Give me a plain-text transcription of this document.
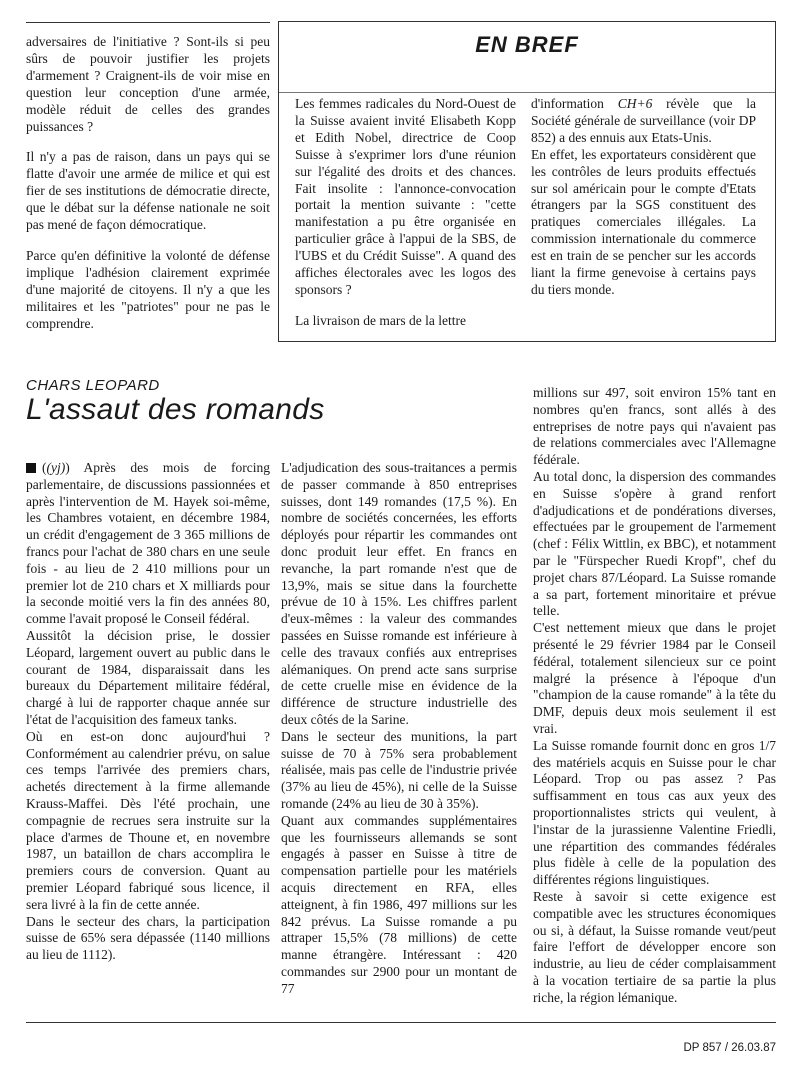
adversaires de l'initiative ? Sont-ils si peu sûrs de pouvoir justifier les projets d'armement ? Craignent-ils de voir mise en question leur conception d'une armée, modèle réduit de celles des grandes puissances ?

Il n'y a pas de raison, dans un pays qui se flatte d'avoir une armée de milice et qui est fier de ses institutions de démocratie directe, que le débat sur la défense nationale ne soit pas mené de façon démocratique.

Parce qu'en définitive la volonté de défense implique l'adhésion clairement exprimée d'une majorité de citoyens. Il n'y a que les militaires et les "patriotes" pour ne pas le comprendre.

EN BREF

Les femmes radicales du Nord-Ouest de la Suisse avaient invité Elisabeth Kopp et Edith Nobel, directrice de Coop Suisse à s'exprimer lors d'une réunion sur l'égalité des droits et des chances. Fait insolite : l'annonce-convocation portait la mention suivante : "cette manifestation a pu être organisée en particulier grâce à l'appui de la SBS, de l'UBS et du Crédit Suisse". A quand des affiches électorales avec les logos des sponsors ?

La livraison de mars de la lettre

d'information CH+6 révèle que la Société générale de surveillance (voir DP 852) a des ennuis aux Etats-Unis.

En effet, les exportateurs considèrent que les contrôles de leurs produits effectués sur sol américain pour le compte d'Etats étrangers par la SGS constituent des pratiques comerciales illégales. La commission internationale du commerce est en train de se pencher sur les accords liant la firme genevoise à certains pays du tiers monde.

CHARS LEOPARD
L'assaut des romands

((yj)) Après des mois de forcing parlementaire, de discussions passionnées et après l'intervention de M. Hayek soi-même, les Chambres votaient, en décembre 1984, un crédit d'engagement de 3 365 millions de francs pour l'achat de 380 chars en une seule fois - au lieu de 2 410 millions pour un premier lot de 210 chars et X milliards pour la seconde moitié vers la fin des années 80, comme l'avait proposé le Conseil fédéral.

Aussitôt la décision prise, le dossier Léopard, largement ouvert au public dans le courant de 1984, disparaissait dans les bureaux du Département militaire fédéral, chargé à lui de rapporter chaque année sur l'état de l'acquisition des fameux tanks.

Où en est-on donc aujourd'hui ? Conformément au calendrier prévu, on salue ces temps l'arrivée des premiers chars, achetés directement à la firme allemande Krauss-Maffei. Dès l'été prochain, une compagnie de recrues sera instruite sur la place d'armes de Thoune et, en novembre 1987, un bataillon de chars accomplira le premiers cours de conversion. Quant au premier Léopard fabriqué sous licence, il sera livré à la fin de cette année.

Dans le secteur des chars, la participation suisse de 65% sera dépassée (1140 millions au lieu de 1112).

L'adjudication des sous-traitances a permis de passer commande à 850 entreprises suisses, dont 149 romandes (17,5 %). En nombre de sociétés concernées, les efforts déployés pour répartir les commandes ont donc produit leur effet. En francs en revanche, la part romande n'est que de 13,9%, mais se situe dans la fourchette prévue de 10 à 15%. Les chiffres parlent d'eux-mêmes : la valeur des commandes passées en Suisse romande est inférieure à celle des travaux confiés aux entreprises alémaniques. On prend acte sans surprise de cette cruelle mise en évidence de la différence de structure industrielle des deux côtés de la Sarine.

Dans le secteur des munitions, la part suisse de 70 à 75% sera probablement réalisée, mais pas celle de l'industrie privée (37% au lieu de 45%), ni celle de la Suisse romande (24% au lieu de 30 à 35%).

Quant aux commandes supplémentaires que les fournisseurs allemands se sont engagés à passer en Suisse à titre de compensation partielle pour les matériels acquis directement en RFA, elles atteignent, à fin 1986, 497 millions sur les 842 prévus. La Suisse romande a pu attraper 15,5% (78 millions) de cette manne étrangère. Intéressant : 420 commandes sur 2900 pour un montant de 77

millions sur 497, soit environ 15% tant en nombres qu'en francs, sont allés à des entreprises de notre pays qui n'avaient pas de relations commerciales avec l'Allemagne fédérale.

Au total donc, la dispersion des commandes en Suisse s'opère à grand renfort d'adjudications et de pondérations diverses, effectuées par le groupement de l'armement (chef : Félix Wittlin, ex BBC), et notamment par le "Fürspecher Ruedi Kropf", chef du projet chars 87/Léopard. La Suisse romande a sa part, fortement minoritaire et prévue telle.

C'est nettement mieux que dans le projet présenté le 29 février 1984 par le Conseil fédéral, totalement silencieux sur ce point malgré la présence à l'époque d'un "champion de la cause romande" à la tête du DMF, depuis deux mois seulement il est vrai.

La Suisse romande fournit donc en gros 1/7 des matériels acquis en Suisse pour le char Léopard. Trop ou pas assez ? Pas suffisamment en tous cas aux yeux des proportionnalistes stricts qui veulent, à l'instar de la jurassienne Valentine Friedli, une répartition des commandes fédérales plus fidèle à celle de la population des différentes régions linguistiques.

Reste à savoir si cette exigence est compatible avec les structures économiques ou si, à défaut, la Suisse romande veut/peut faire l'effort de développer encore son industrie, au lieu de céder complaisamment à la vocation tertiaire de sa partie la plus riche, la région lémanique.

DP 857 / 26.03.87
